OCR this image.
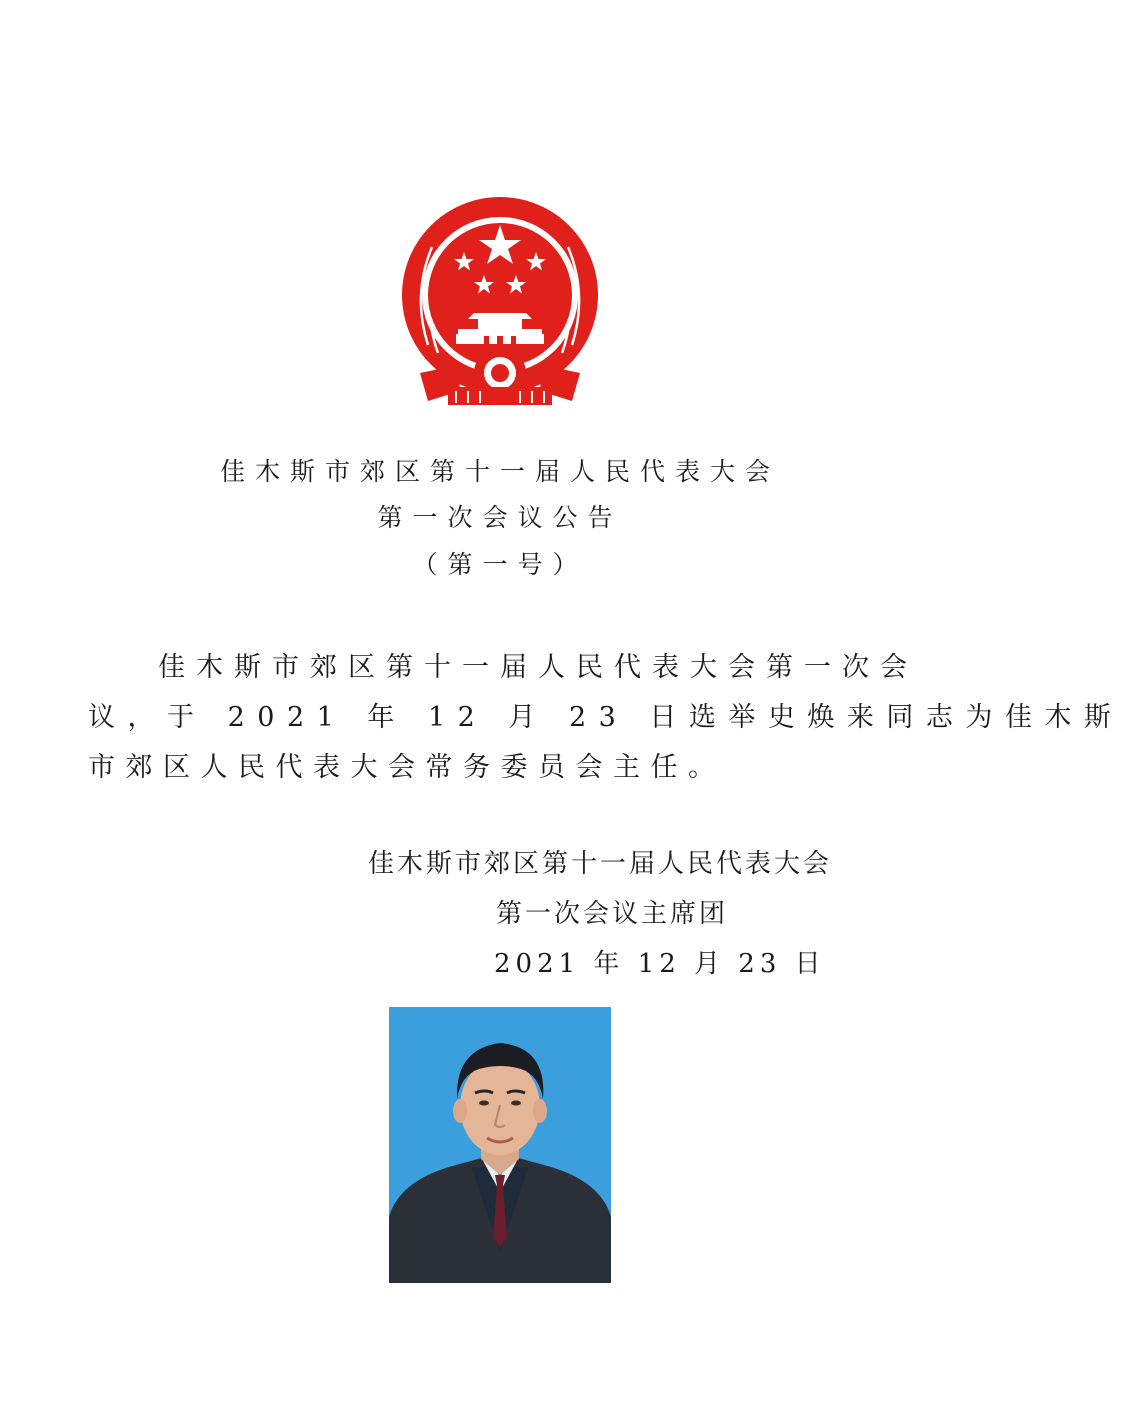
佳木斯市郊区第十一届人民代表大会
第一次会议公告
（第一号）
佳木斯市郊区第十一届人民代表大会第一次会
议，于 2021 年 12 月 23 日选举史焕来同志为佳木斯
市郊区人民代表大会常务委员会主任。
佳木斯市郊区第十一届人民代表大会
第一次会议主席团
2021 年 12 月 23 日
